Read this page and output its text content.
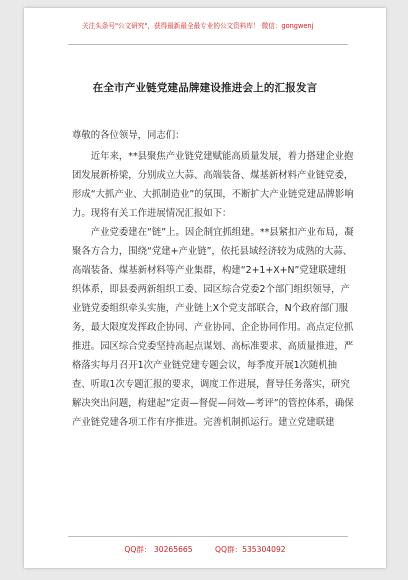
关注头条号"公文研究"，获得最新最全最专业的公文资料库！ 微信：gongwenj
在全市产业链党建品牌建设推进会上的汇报发言

尊敬的各位领导，同志们：

近年来，**县聚焦产业链党建赋能高质量发展，着力搭建企业抱团发展新桥梁，分别成立大蒜、高端装备、煤基新材料产业链党委，形成“大抓产业、大抓制造业”的氛围，不断扩大产业链党建品牌影响力。现将有关工作进展情况汇报如下：

产业党委建在“链”上。因企制宜抓组建。**县紧扣产业布局，凝聚各方合力，围绕“党建+产业链”，依托县域经济较为成熟的大蒜、高端装备、煤基新材料等产业集群，构建“2+1+X+N”党建联建组织体系，即县委两新组织工委、园区综合党委2个部门组织领导，产业链党委组织牵头实施，产业链上X个党支部联合，N个政府部门服务，最大限度发挥政企协同、产业协同、企企协同作用。高点定位抓推进。园区综合党委坚持高起点谋划、高标准要求、高质量推进，严格落实每月召开1次产业链党建专题会议，每季度开展1次随机抽查、听取1次专题汇报的要求，调度工作进展，督导任务落实，研究解决突出问题，构建起“定责—督促—问效—考评”的管控体系，确保产业链党建各项工作有序推进。完善机制抓运行。建立党建联建

QQ群： 30265665	QQ群：535304092
